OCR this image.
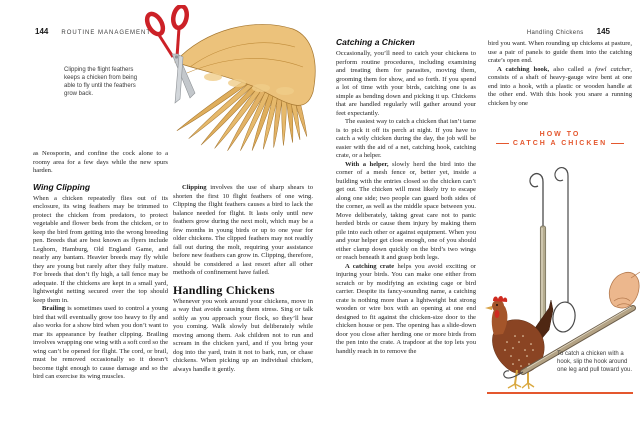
144 ROUTINE MANAGEMENT
Clipping the flight feathers keeps a chicken from being able to fly until the feathers grow back.

as Neosporin, and confine the cock alone to a roomy area for a few days while the new spurs harden.

Wing Clipping

When a chicken repeatedly flies out of its enclosure, its wing feathers may be trimmed to protect the chicken from predators, to protect vegetable and flower beds from the chicken, or to keep the bird from getting into the wrong breeding pen. Breeds that are best known as flyers include Leghorn, Hamburg, Old England Game, and nearly any bantam. Heavier breeds may fly while they are young but rarely after they fully mature. For breeds that don’t fly high, a tall fence may be adequate. If the chickens are kept in a small yard, lightweight netting secured over the top should keep them in.

Brailing is sometimes used to control a young bird that will eventually grow too heavy to fly and also works for a show bird when you don’t want to mar its appearance by feather clipping. Brailing involves wrapping one wing with a soft cord so the wing can’t be opened for flight. The cord, or brail, must be removed occasionally so it doesn’t become tight enough to cause damage and so the bird can exercise its wing muscles.

Clipping involves the use of sharp shears to shorten the first 10 flight feathers of one wing. Clipping the flight feathers causes a bird to lack the balance needed for flight. It lasts only until new feathers grow during the next molt, which may be a few months in young birds or up to one year for older chickens. The clipped feathers may not readily fall out during the molt, requiring your assistance before new feathers can grow in. Clipping, therefore, should be considered a last resort after all other methods of confinement have failed.

Handling Chickens

Whenever you work around your chickens, move in a way that avoids causing them stress. Sing or talk softly as you approach your flock, so they’ll hear you coming. Walk slowly but deliberately while moving among them. Ask children not to run and scream in the chicken yard, and if you bring your dog into the yard, train it not to bark, run, or chase chickens. When picking up an individual chicken, always handle it gently.

Handling Chickens 145
Catching a Chicken

Occasionally, you’ll need to catch your chickens to perform routine procedures, including examining and treating them for parasites, moving them, grooming them for show, and so forth. If you spend a lot of time with your birds, catching one is as simple as bending down and picking it up. Chickens that are handled regularly will gather around your feet expectantly.

The easiest way to catch a chicken that isn’t tame is to pick it off its perch at night. If you have to catch a wily chicken during the day, the job will be easier with the aid of a net, catching hook, catching crate, or a helper.

With a helper, slowly herd the bird into the corner of a mesh fence or, better yet, inside a building with the entries closed so the chicken can’t get out. The chicken will most likely try to escape along one side; two people can guard both sides of the corner, as well as the middle space between you. Move deliberately, taking great care not to panic herded birds or cause them injury by making them pile into each other or against equipment. When you and your helper get close enough, one of you should either clamp down quickly on the bird’s two wings or reach beneath it and grasp both legs.

A catching crate helps you avoid exciting or injuring your birds. You can make one either from scratch or by modifying an existing cage or bird carrier. Despite its fancy-sounding name, a catching crate is nothing more than a lightweight but strong wooden or wire box with an opening at one end designed to fit against the chicken-size door to the chicken house or pen. The opening has a slide-down door you close after herding one or more birds from the pen into the crate. A trapdoor at the top lets you handily reach in to remove the

bird you want. When rounding up chickens at pasture, use a pair of panels to guide them into the catching crate’s open end.

A catching hook, also called a fowl catcher, consists of a shaft of heavy-gauge wire bent at one end into a hook, with a plastic or wooden handle at the other end. With this hook you snare a running chicken by one

HOW TO
CATCH A CHICKEN
To catch a chicken with a hook, slip the hook around one leg and pull toward you.
